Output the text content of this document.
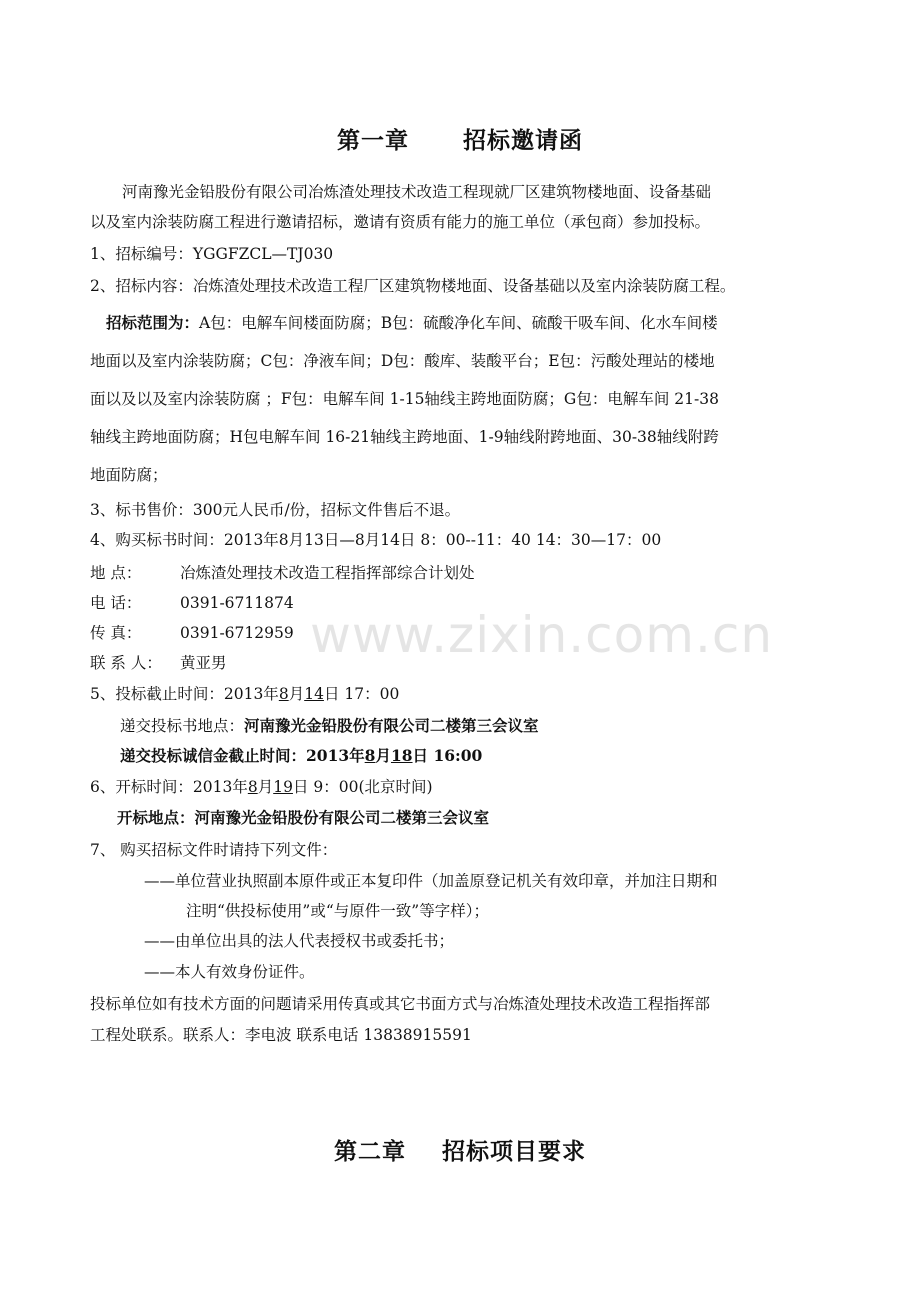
第一章      招标邀请函
河南豫光金铅股份有限公司冶炼渣处理技术改造工程现就厂区建筑物楼地面、设备基础
以及室内涂装防腐工程进行邀请招标，邀请有资质有能力的施工单位（承包商）参加投标。
1、招标编号：YGGFZCL—TJ030
2、招标内容：冶炼渣处理技术改造工程厂区建筑物楼地面、设备基础以及室内涂装防腐工程。
招标范围为：A包：电解车间楼面防腐；B包：硫酸净化车间、硫酸干吸车间、化水车间楼
地面以及室内涂装防腐；C包：净液车间；D包：酸库、装酸平台；E包：污酸处理站的楼地
面以及以及室内涂装防腐 ；F包：电解车间 1-15轴线主跨地面防腐；G包：电解车间 21-38
轴线主跨地面防腐；H包电解车间 16-21轴线主跨地面、1-9轴线附跨地面、30-38轴线附跨
地面防腐；
3、标书售价：300元人民币/份，招标文件售后不退。
4、购买标书时间：2013年8月13日—8月14日 8：00--11：40 14：30—17：00
地 点： 冶炼渣处理技术改造工程指挥部综合计划处
电 话： 0391-6711874
传 真： 0391-6712959
联 系 人： 黄亚男
5、投标截止时间：2013年8月14日 17：00
递交投标书地点：河南豫光金铅股份有限公司二楼第三会议室
递交投标诚信金截止时间：2013年8月18日 16:00
6、开标时间：2013年8月19日 9：00(北京时间)
开标地点：河南豫光金铅股份有限公司二楼第三会议室
7、 购买招标文件时请持下列文件：
——单位营业执照副本原件或正本复印件（加盖原登记机关有效印章，并加注日期和
注明“供投标使用”或“与原件一致”等字样）；
——由单位出具的法人代表授权书或委托书；
——本人有效身份证件。
投标单位如有技术方面的问题请采用传真或其它书面方式与冶炼渣处理技术改造工程指挥部
工程处联系。联系人：李电波 联系电话 13838915591
第二章    招标项目要求
www.zixin.com.cn
